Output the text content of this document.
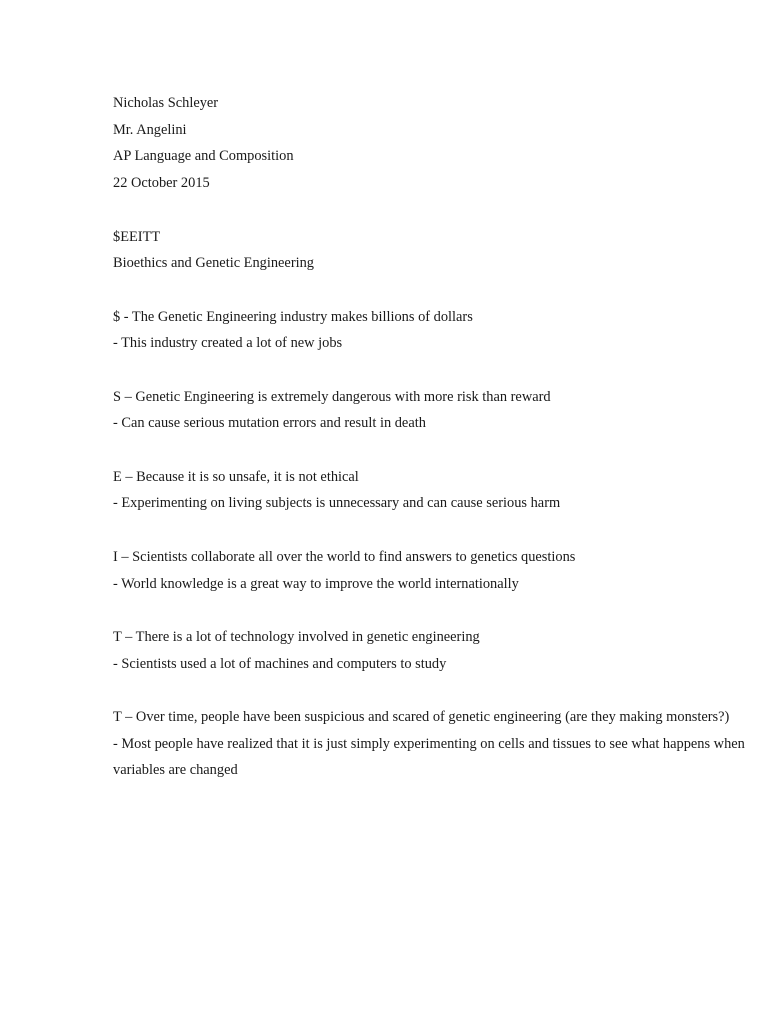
Nicholas Schleyer
Mr. Angelini
AP Language and Composition
22 October 2015
$EEITT
Bioethics and Genetic Engineering
$ - The Genetic Engineering industry makes billions of dollars
- This industry created a lot of new jobs
S – Genetic Engineering is extremely dangerous with more risk than reward
- Can cause serious mutation errors and result in death
E – Because it is so unsafe, it is not ethical
- Experimenting on living subjects is unnecessary and can cause serious harm
I – Scientists collaborate all over the world to find answers to genetics questions
- World knowledge is a great way to improve the world internationally
T – There is a lot of technology involved in genetic engineering
- Scientists used a lot of machines and computers to study
T – Over time, people have been suspicious and scared of genetic engineering (are they making monsters?)
- Most people have realized that it is just simply experimenting on cells and tissues to see what happens when variables are changed
